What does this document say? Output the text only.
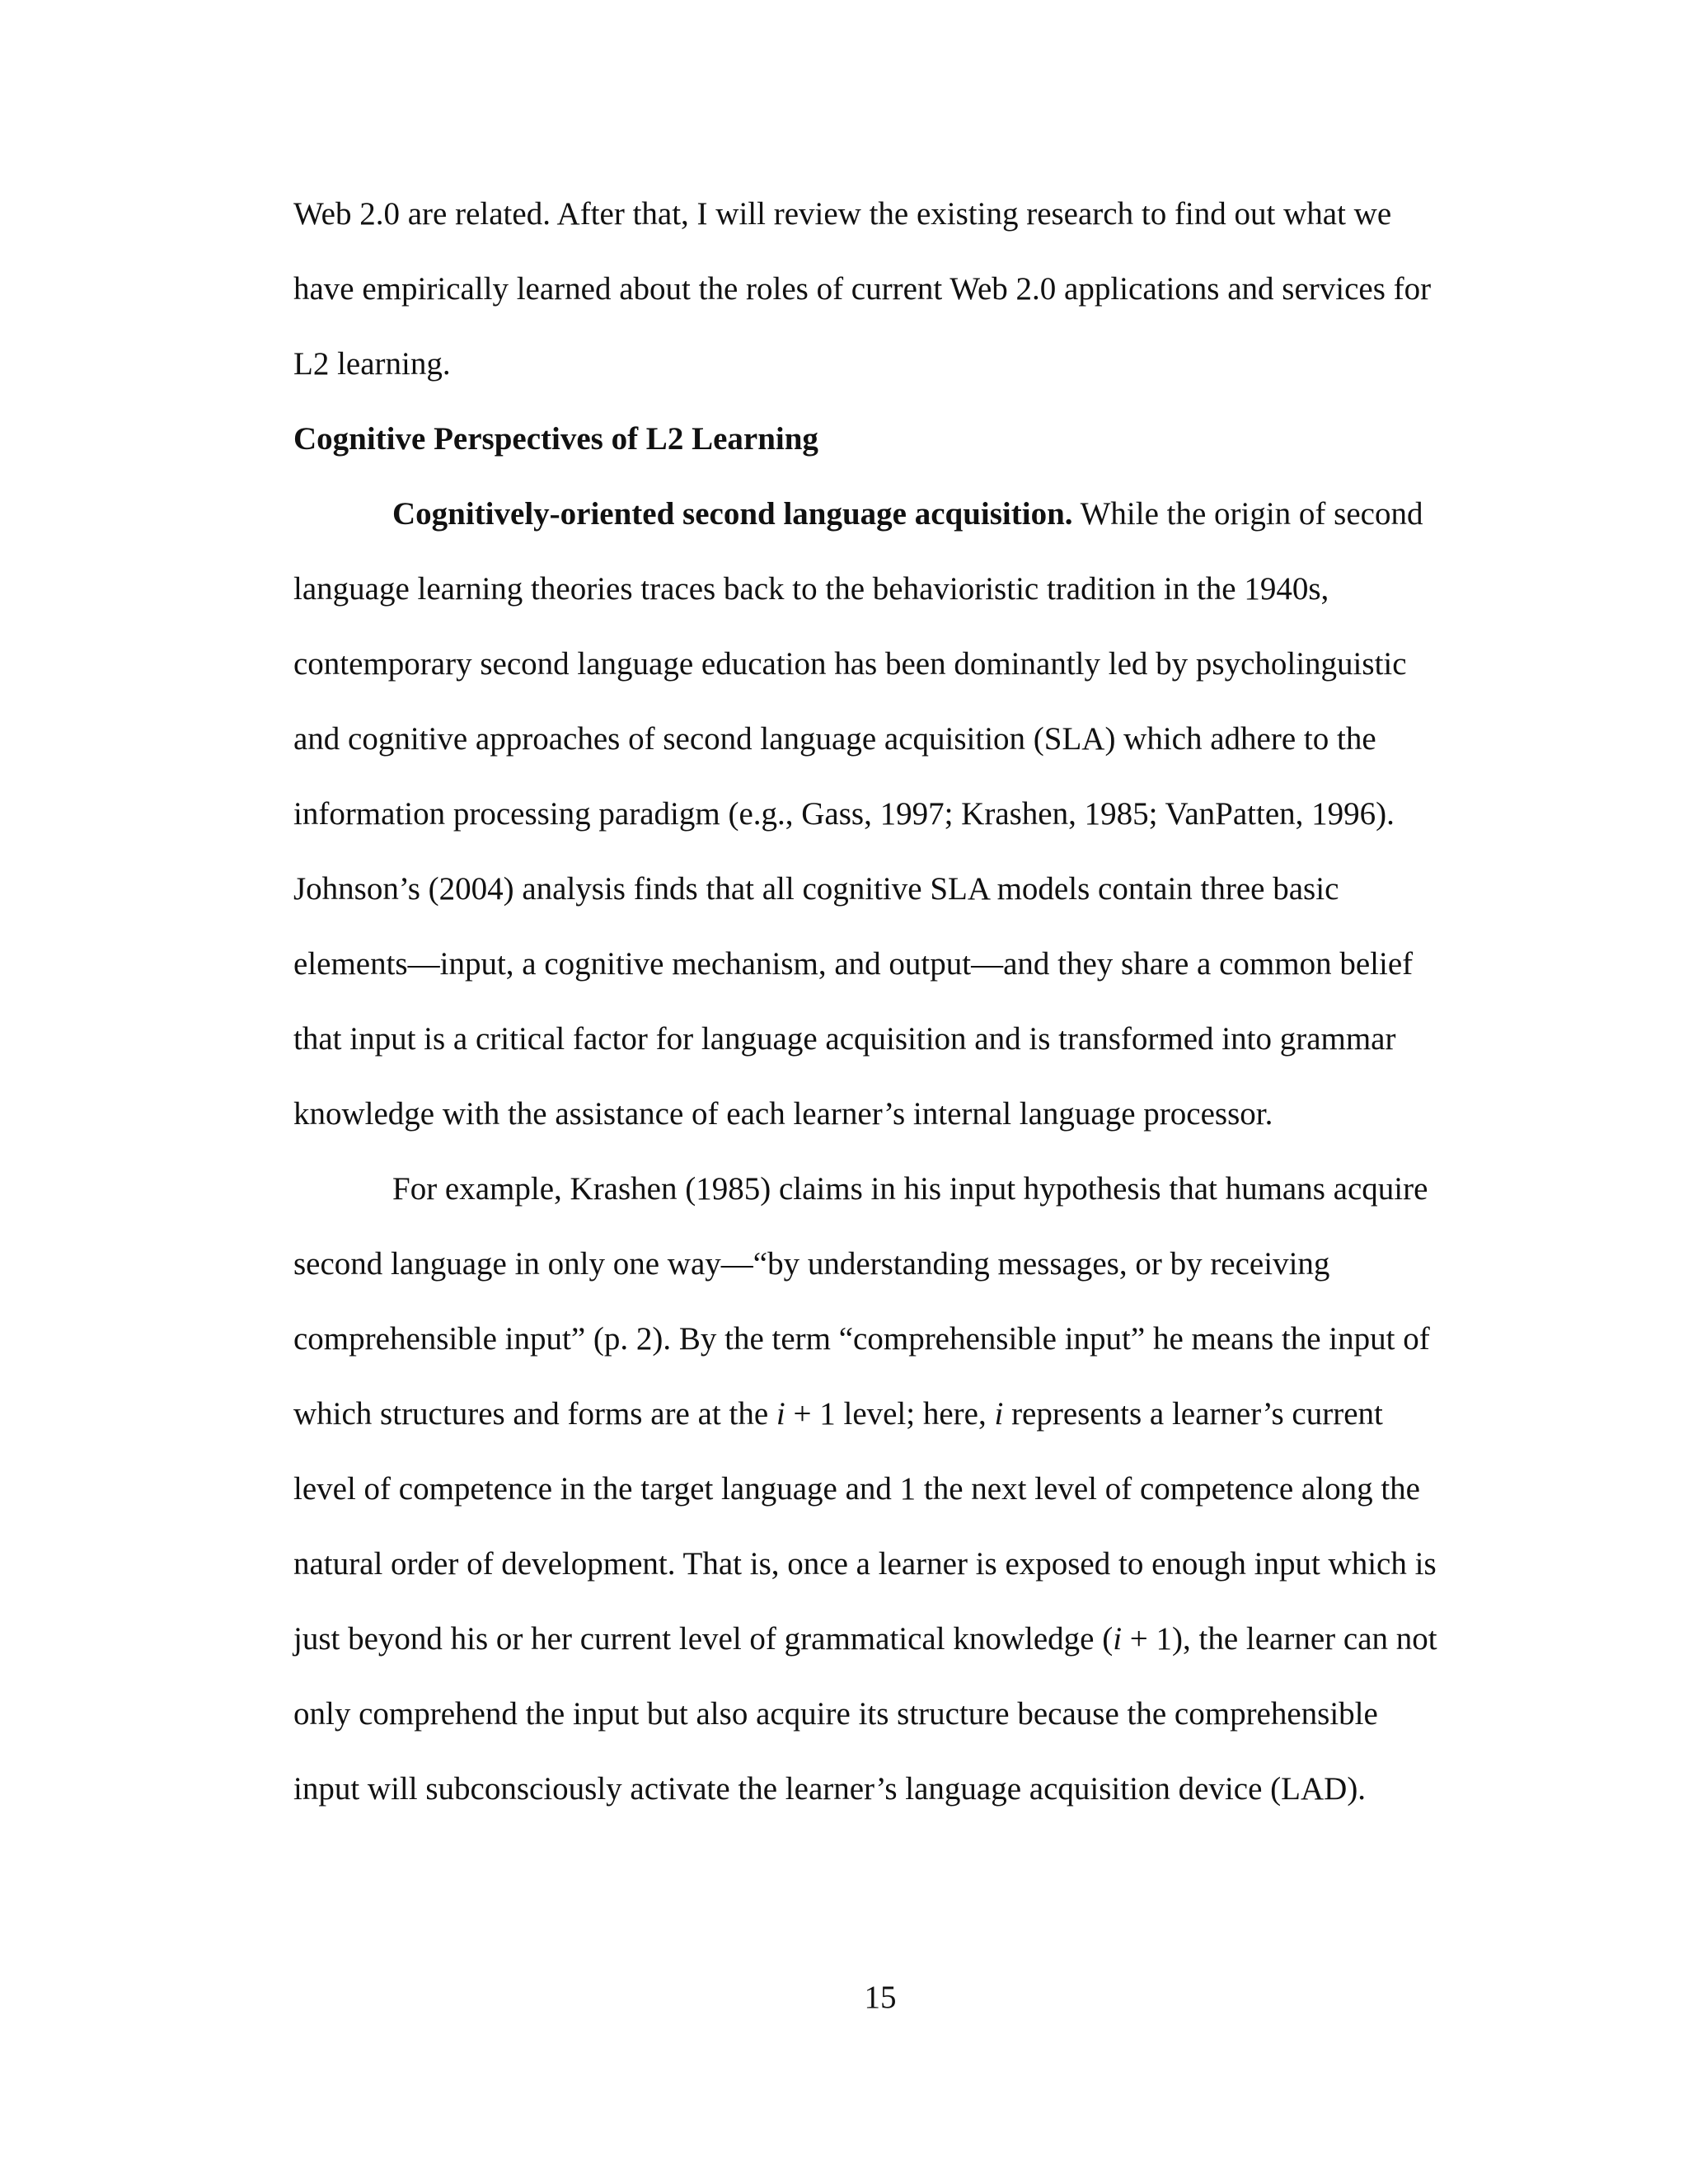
Web 2.0 are related. After that, I will review the existing research to find out what we
have empirically learned about the roles of current Web 2.0 applications and services for
L2 learning.
Cognitive Perspectives of L2 Learning
Cognitively-oriented second language acquisition. While the origin of second
language learning theories traces back to the behavioristic tradition in the 1940s,
contemporary second language education has been dominantly led by psycholinguistic
and cognitive approaches of second language acquisition (SLA) which adhere to the
information processing paradigm (e.g., Gass, 1997; Krashen, 1985; VanPatten, 1996).
Johnson’s (2004) analysis finds that all cognitive SLA models contain three basic
elements—input, a cognitive mechanism, and output—and they share a common belief
that input is a critical factor for language acquisition and is transformed into grammar
knowledge with the assistance of each learner’s internal language processor.
For example, Krashen (1985) claims in his input hypothesis that humans acquire
second language in only one way—“by understanding messages, or by receiving
comprehensible input” (p. 2). By the term “comprehensible input” he means the input of
which structures and forms are at the i + 1 level; here, i represents a learner’s current
level of competence in the target language and 1 the next level of competence along the
natural order of development. That is, once a learner is exposed to enough input which is
just beyond his or her current level of grammatical knowledge (i + 1), the learner can not
only comprehend the input but also acquire its structure because the comprehensible
input will subconsciously activate the learner’s language acquisition device (LAD).
15
